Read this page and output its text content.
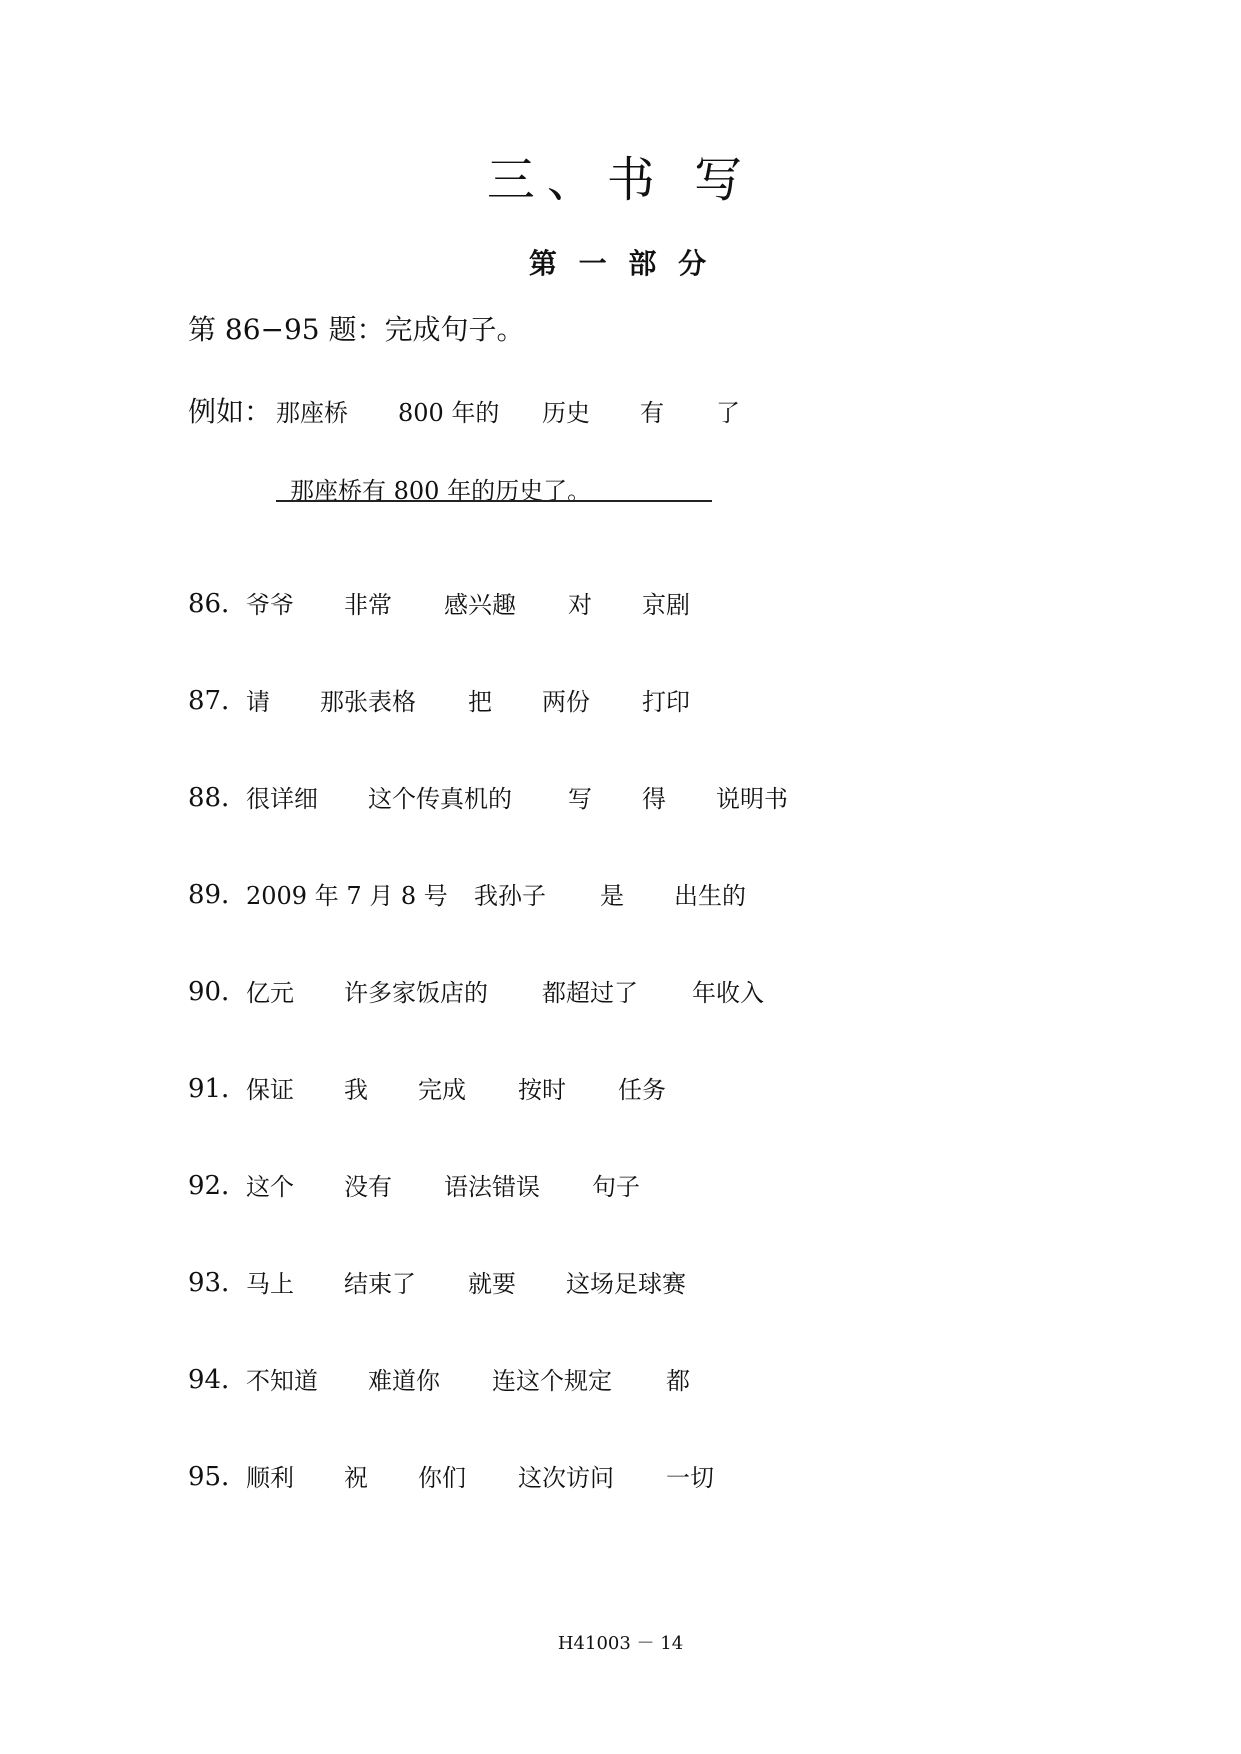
三、书 写
第 一 部 分
第 86−95 题：完成句子。
例如： 那座桥 800 年的 历史 有 了
那座桥有 800 年的历史了。
86．
爷爷 非常 感兴趣 对 京剧
87．
请 那张表格 把 两份 打印
88．
很详细 这个传真机的 写 得 说明书
89．
2009 年 7 月 8 号 我孙子 是 出生的
90．
亿元 许多家饭店的 都超过了 年收入
91．
保证 我 完成 按时 任务
92．
这个 没有 语法错误 句子
93．
马上 结束了 就要 这场足球赛
94．
不知道 难道你 连这个规定 都
95．
顺利 祝 你们 这次访问 一切
H41003 － 14
